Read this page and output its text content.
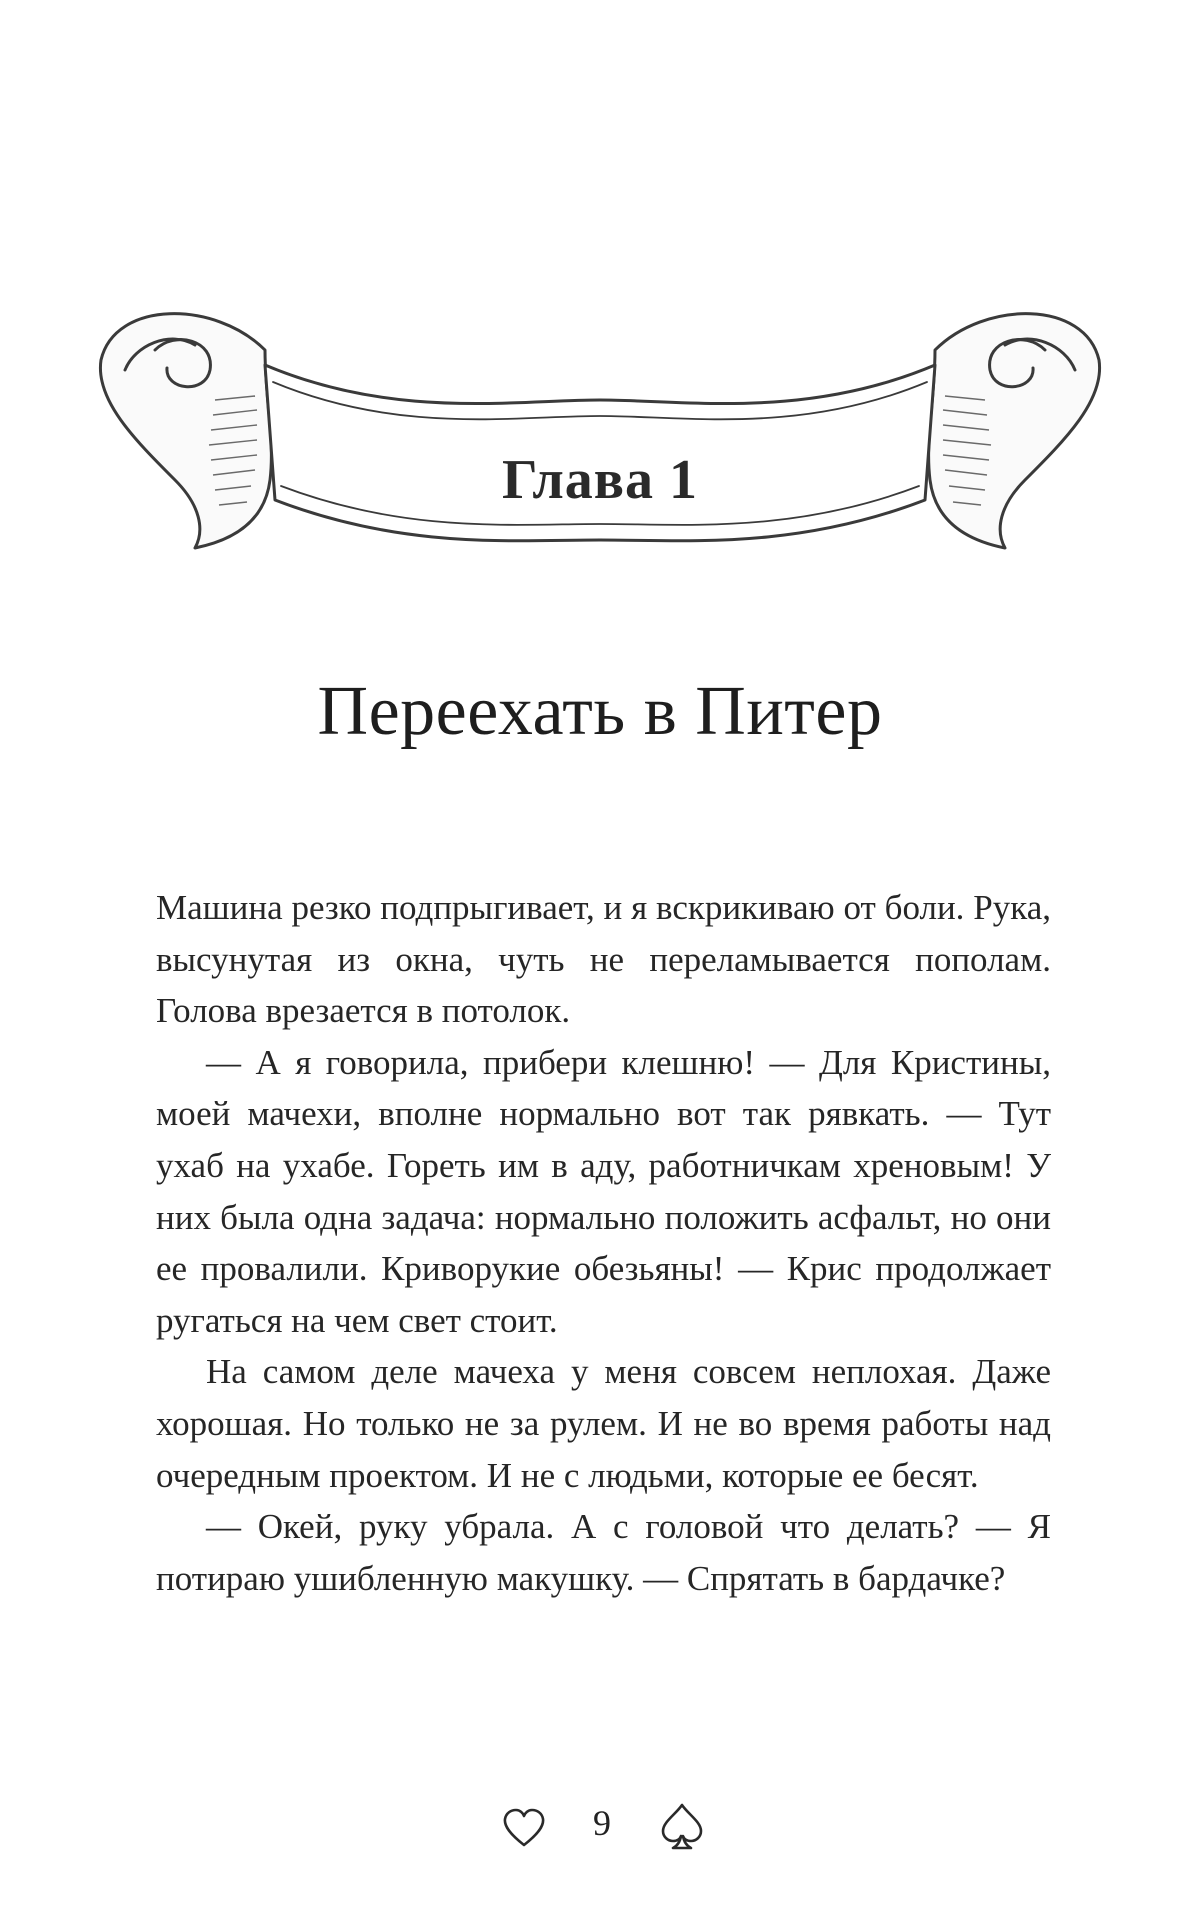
Глава 1
Переехать в Питер

Машина резко подпрыгивает, и я вскрикиваю от боли. Рука, высунутая из окна, чуть не переламывается пополам. Голова врезается в потолок.

— А я говорила, прибери клешню! — Для Кристины, моей мачехи, вполне нормально вот так рявкать. — Тут ухаб на ухабе. Гореть им в аду, работничкам хреновым! У них была одна задача: нормально положить асфальт, но они ее провалили. Криворукие обезьяны! — Крис продолжает ругаться на чем свет стоит.

На самом деле мачеха у меня совсем неплохая. Даже хорошая. Но только не за рулем. И не во время работы над очередным проектом. И не с людьми, которые ее бесят.

— Окей, руку убрала. А с головой что делать? — Я потираю ушибленную макушку. — Спрятать в бардачке?

9
